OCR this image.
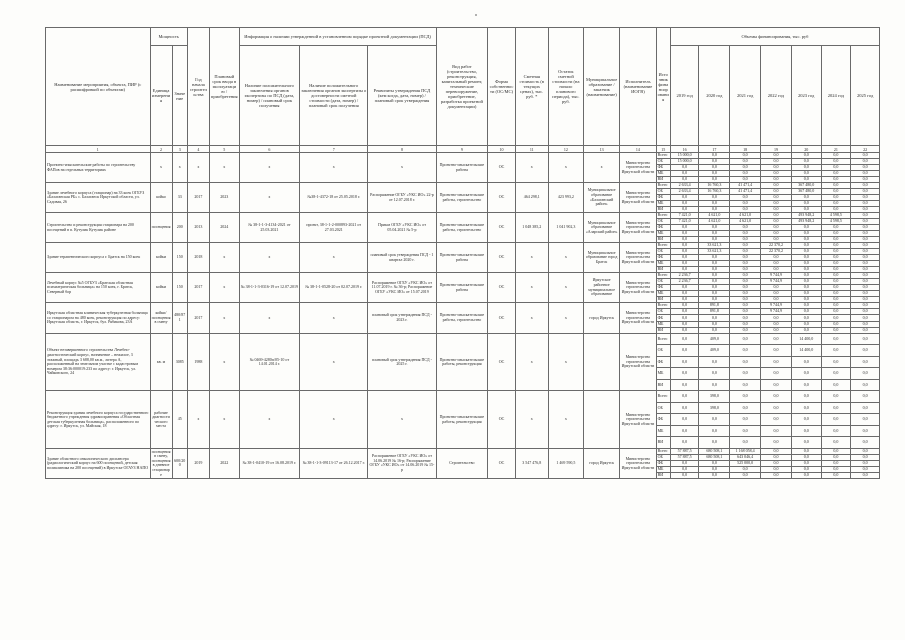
Наименование мероприятия, объекта, ПИР (с расшифровкой по объектам)	Мощность		Год начала строительства	Плановый срок ввода в эксплуатацию / приобретения	Информация о наличии утвержденной в установленном порядке проектной документации (ПСД)			Вид работ (строительство, реконструкция, капитальный ремонт, технические перевооружение, приобретение, разработка проектной документации)	Форма собственности (ОС/МС)	Сметная стоимость (в текущих ценах), тыс. руб. *	Остаток сметной стоимости (на начало планового периода), тыс. руб.	Муниципальное образование / заказчик (наименование)	Исполнитель (наименование ИОГВ)	Источник финансирования	Объемы финансирования, тыс. руб						
	Единица измерения	Значение			Наличие положительного заключения органов экспертизы по ПСД (дата, номер) / плановый срок получения	Наличие положительного заключения органов экспертизы о достоверности сметной стоимости (дата, номер) / плановый срок получения	Реквизиты утверждения ПСД (кем когда, дата, номер) / плановый срок утверждения								2019 год	2020 год	2021 год	2022 год	2023 год	2024 год	2025 год
1	2	3	4	5	6	7	8	9	10	11	12	13	14	15	16	17	18	19	20	21	22
Проектно-изыскательские работы по строительству ФАПов на отдельных территориях	х	х	х	х	х	х	х	Проектно-изыскательские работы	ОС	х	х	х	Министерство строительства Иркутской области	Всего	15 000,0	0,0	0,0	0,0	0,0	0,0	0,0
														ОБ	15 000,0	0,0	0,0	0,0	0,0	0,0	0,0
														ФБ	0,0	0,0	0,0	0,0	0,0	0,0	0,0
														МБ	0,0	0,0	0,0	0,0	0,0	0,0	0,0
														ВИ	0,0	0,0	0,0	0,0	0,0	0,0	0,0
Здание лечебного корпуса (стационар) на 33 коек ОГБУЗ «Балаганская РБ» с. Балаганск Иркутской области, ул. Садовая, 26	койко	33	2017	2023	х	№38-1-4372-18 от 25.05.2018 г.	Распоряжение ОГБУ «УКС ИО» 22-р от 12.07.2018 г.	Проектно-изыскательские работы, строительство	ОС	464 298,1	423 993,2	Муниципальное образование «Балаганский район»	Министерство строительства Иркутской области	Всего	2 633,4	16 760,3	41 471,4	0,0	367 480,0	0,0	0,0
														ОБ	2 633,4	16 760,3	41 471,4	0,0	367 480,0	0,0	0,0
														ФБ	0,0	0,0	0,0	0,0	0,0	0,0	0,0
														МБ	0,0	0,0	0,0	0,0	0,0	0,0	0,0
														ВИ	0,0	0,0	0,0	0,0	0,0	0,0	0,0
Строительство и реконструкция стационара на 200 посещений в п. Кутулик Кутулик районе	посещения	200	2013	2024	№ 38-1-1-3-4134-2021 от 25.03.2021	проект, 38-1-1-2-000893-2021 от 27.03.2021	Приказ ОГБУ «УКС ИО» от 05.04.2021 № 5-р	Проектно-изыскательские работы, строительство	ОС	1 048 385,2	1 041 902,3	Муниципальное образование «Аларский район»	Министерство строительства Иркутской области	Всего	7 421,0	4 621,0	4 621,0	0,0	493 948,2	4 598,5	0,0
														ОБ	7 421,0	4 621,0	4 621,0	0,0	493 948,2	4 598,5	0,0
														ФБ	0,0	0,0	0,0	0,0	0,0	0,0	0,0
														МБ	0,0	0,0	0,0	0,0	0,0	0,0	0,0
														ВИ	0,0	0,0	0,0	0,0	0,0	0,0	0,0
Здание терапевтического корпуса г. Братск на 150 коек	койки	150	2018	х	х	х	плановый срок утверждения ПСД - 1 квартал 2020 г.	Проектно-изыскательские работы	ОС	х	х	Муниципальное образование город Братск	Министерство строительства Иркутской области	Всего	0,0	33 621,3	0,0	22 370,2	0,0	0,0	0,0
														ОБ	0,0	33 621,3	0,0	22 370,2	0,0	0,0	0,0
														ФБ	0,0	0,0	0,0	0,0	0,0	0,0	0,0
														МБ	0,0	0,0	0,0	0,0	0,0	0,0	0,0
														ВИ	0,0	0,0	0,0	0,0	0,0	0,0	0,0
Лечебный корпус №5 ОГБУЗ «Братская областная психиатрическая больница» на 150 коек, г. Братск, Северный бор	койки	150	2017	х	№ 38-1-1-3-0316-19 от 12.07.2019	№ 38-1-1-0528-20 от 02.07.2019 г.	Распоряжение ОГБУ «УКС ИО» от 11.07.2019 г. № 36-р; Распоряжение ОГБУ «УКС ИО» от 15.07.2019	Проектно-изыскательские работы	ОС	х	х	Иркутское районное муниципальное образование	Министерство строительства Иркутской области	Всего	2 236,7	0,0	0,0	9 744,9	0,0	0,0	0,0
														ОБ	2 236,7	0,0	0,0	9 744,9	0,0	0,0	0,0
														ФБ	0,0	0,0	0,0	0,0	0,0	0,0	0,0
														МБ	0,0	0,0	0,0	0,0	0,0	0,0	0,0
														ВИ	0,0	0,0	0,0	0,0	0,0	0,0	0,0
Иркутская областная клиническая туберкулезная больница со стационаром на 480 коек, реконструкция по адресу: Иркутская область, г. Иркутск, бул. Рябикова, 23А	койки/ посещения в смену	480/871	2017	х	х	х	плановый срок утверждения ПСД - 2023 г.	Проектно-изыскательские работы, строительство	ОС	х	х	город Иркутск	Министерство строительства Иркутской области	Всего	0,0	891,8	0,0	9 744,9	0,0	0,0	0,0
														ОБ	0,0	891,8	0,0	9 744,9	0,0	0,0	0,0
														ФБ	0,0	0,0	0,0	0,0	0,0	0,0	0,0
														МБ	0,0	0,0	0,0	0,0	0,0	0,0	0,0
														ВИ	0,0	0,0	0,0	0,0	0,0	0,0	0,0
Объект незавершенного строительства Лечебно-диагностический корпус, назначение – нежилое, 3 этажный, площадь 3 688,00 кв.м., литера А, расположенный на земельном участке с кадастровым номером 38:36:000019:233 по адресу: г. Иркутск, ул. Чайковского, 24	кв. м	3085	1988	х	№ 0469-4280п/05-10 от 14.01.2014 г.	х	плановый срок утверждения ПСД - 2025 г.	Проектно-изыскательские работы, реконструкция	ОС	х	х		Министерство строительства Иркутской области	Всего	0,0	409,0	0,0	0,0	14 400,0	0,0	0,0
														ОБ	0,0	409,0	0,0	0,0	14 400,0	0,0	0,0
														ФБ	0,0	0,0	0,0	0,0	0,0	0,0	0,0
														МБ	0,0	0,0	0,0	0,0	0,0	0,0	0,0
														ВИ	0,0	0,0	0,0	0,0	0,0	0,0	0,0
Реконструкция здания лечебного корпуса государственного бюджетного учреждения здравоохранения «Областная детская туберкулезная больница», расположенного по адресу: г. Иркутск, ул. Майская, 18	рабочие диагностического места	45	х	х	х	х	х	Проектно-изыскательские работы, реконструкция	ОС	х	х		Министерство строительства Иркутской области	Всего	0,0	398,0	0,0	0,0	0,0	0,0	0,0
														ОБ	0,0	398,0	0,0	0,0	0,0	0,0	0,0
														ФБ	0,0	0,0	0,0	0,0	0,0	0,0	0,0
														МБ	0,0	0,0	0,0	0,0	0,0	0,0	0,0
														ВИ	0,0	0,0	0,0	0,0	0,0	0,0	0,0
Здание областного онкологического диспансера (радиологический корпус на 600 посещений, детская поликлиника на 200 посещений) в Иркутске ОГАУЗ НАПО	посещения в смену, посещения в дневное стационаре	600/200	2019	2022	№ 38-1-0410-19 от 16.08.2019 г.	№ 38-1-1-3-09113-17 от 26.12.2017 г.	Распоряжение ОГБУ «УКС ИО» от 14.06.2019 № 16-р; Распоряжение ОГБУ «УКС ИО» от 14.06.2019 № 15-р	Строительство	ОС	3 547 476,8	1 469 590,5	город Иркутск	Министерство строительства Иркутской области	Всего	57 887,5	680 508,1	1 168 058,4	0,0	0,0	0,0	0,0
														ОБ	57 887,5	680 508,1	643 046,4	0,0	0,0	0,0	0,0
														ФБ	0,0	0,0	525 000,0	0,0	0,0	0,0	0,0
														МБ	0,0	0,0	0,0	0,0	0,0	0,0	0,0
														ВИ	0,0	0,0	0,0	0,0	0,0	0,0	0,0
